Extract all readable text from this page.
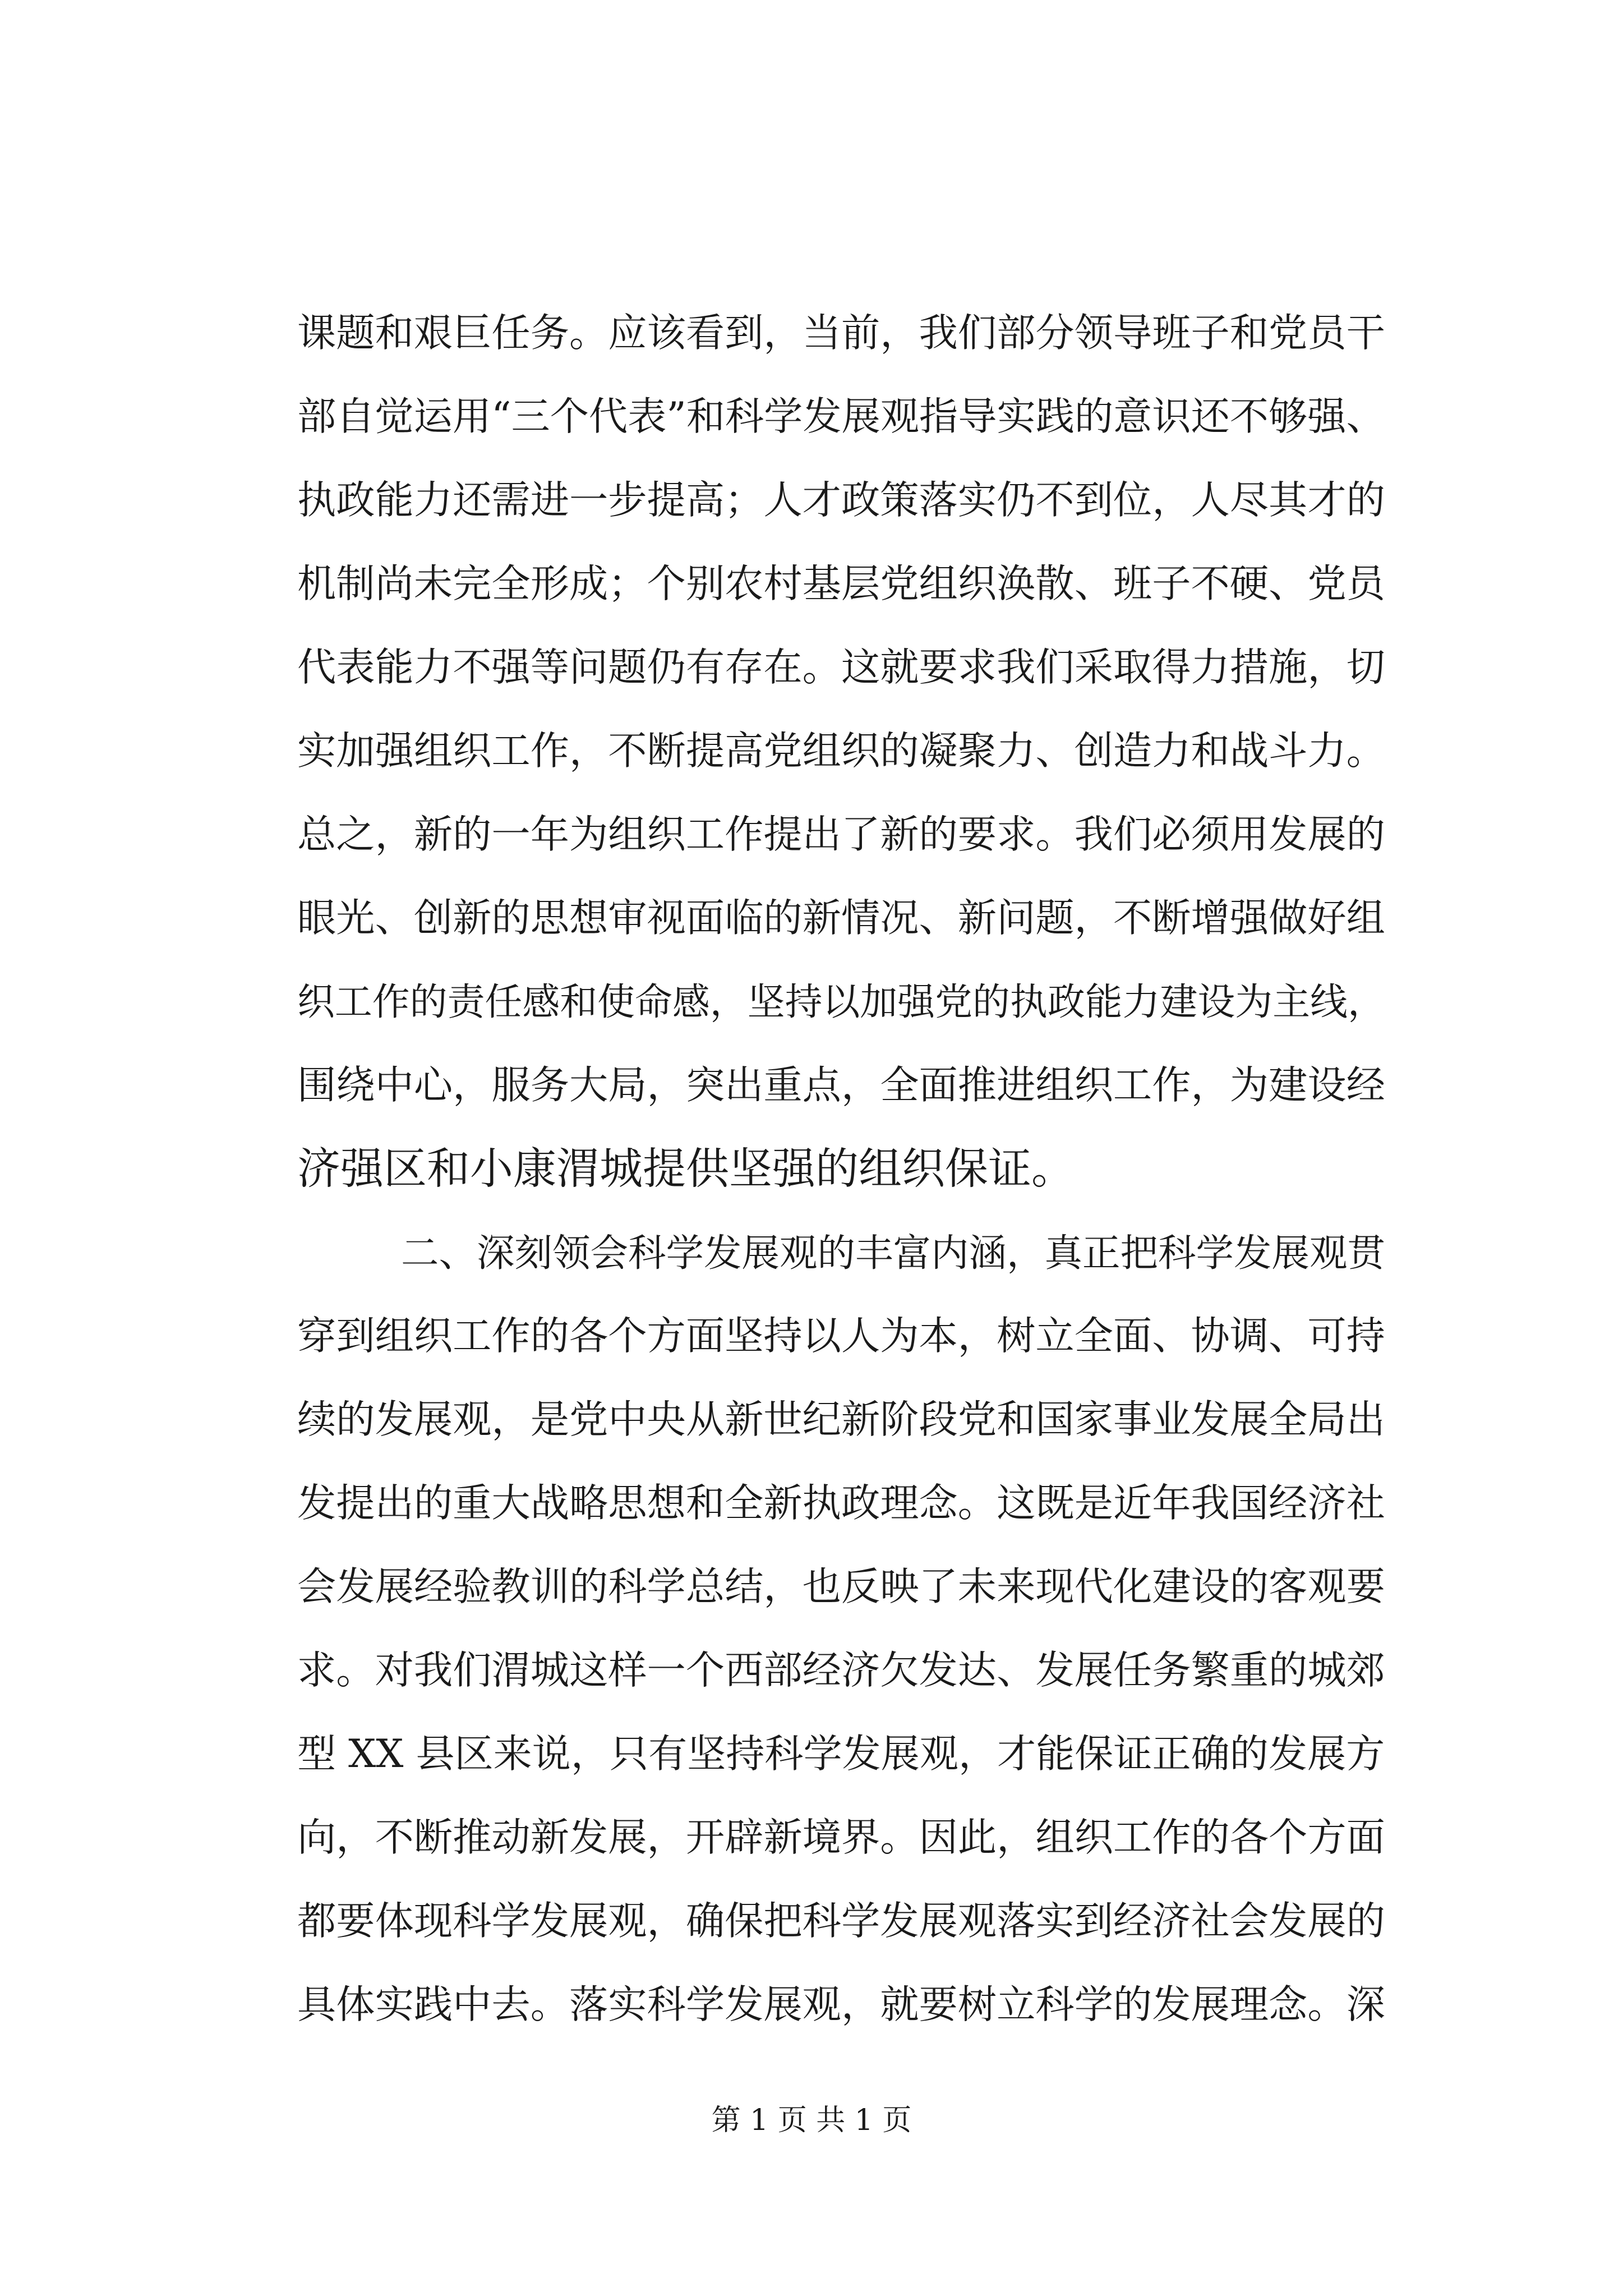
课题和艰巨任务。应该看到，当前，我们部分领导班子和党员干
部自觉运用“三个代表”和科学发展观指导实践的意识还不够强、
执政能力还需进一步提高；人才政策落实仍不到位，人尽其才的
机制尚未完全形成；个别农村基层党组织涣散、班子不硬、党员
代表能力不强等问题仍有存在。这就要求我们采取得力措施，切
实加强组织工作，不断提高党组织的凝聚力、创造力和战斗力。
总之，新的一年为组织工作提出了新的要求。我们必须用发展的
眼光、创新的思想审视面临的新情况、新问题，不断增强做好组
织工作的责任感和使命感，坚持以加强党的执政能力建设为主线，
围绕中心，服务大局，突出重点，全面推进组织工作，为建设经
济强区和小康渭城提供坚强的组织保证。
二、深刻领会科学发展观的丰富内涵，真正把科学发展观贯
穿到组织工作的各个方面坚持以人为本，树立全面、协调、可持
续的发展观，是党中央从新世纪新阶段党和国家事业发展全局出
发提出的重大战略思想和全新执政理念。这既是近年我国经济社
会发展经验教训的科学总结，也反映了未来现代化建设的客观要
求。对我们渭城这样一个西部经济欠发达、发展任务繁重的城郊
型 XX 县区来说，只有坚持科学发展观，才能保证正确的发展方
向，不断推动新发展，开辟新境界。因此，组织工作的各个方面
都要体现科学发展观，确保把科学发展观落实到经济社会发展的
具体实践中去。落实科学发展观，就要树立科学的发展理念。深
第 1 页 共 1 页
